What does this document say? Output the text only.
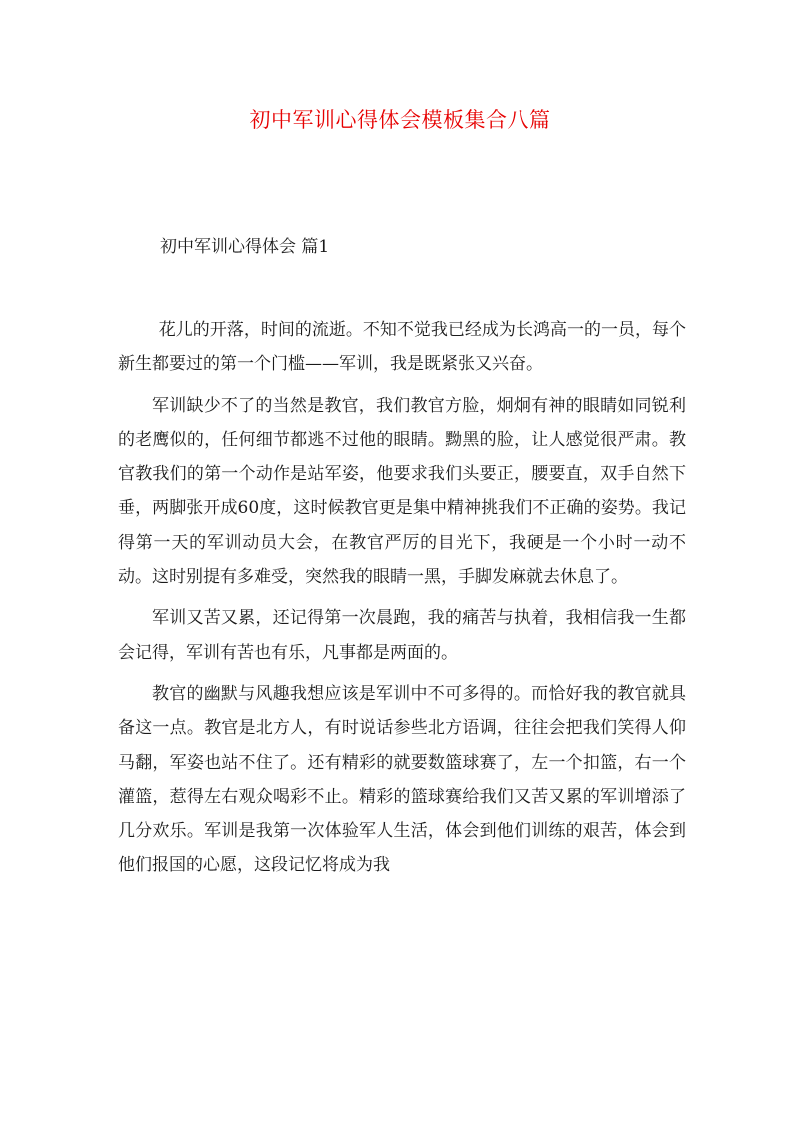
初中军训心得体会模板集合八篇
初中军训心得体会 篇1

花儿的开落，时间的流逝。不知不觉我已经成为长鸿高一的一员，每个新生都要过的第一个门槛——军训，我是既紧张又兴奋。

军训缺少不了的当然是教官，我们教官方脸，炯炯有神的眼睛如同锐利的老鹰似的，任何细节都逃不过他的眼睛。黝黑的脸，让人感觉很严肃。教官教我们的第一个动作是站军姿，他要求我们头要正，腰要直，双手自然下垂，两脚张开成60度，这时候教官更是集中精神挑我们不正确的姿势。我记得第一天的军训动员大会，在教官严厉的目光下，我硬是一个小时一动不动。这时别提有多难受，突然我的眼睛一黑，手脚发麻就去休息了。

军训又苦又累，还记得第一次晨跑，我的痛苦与执着，我相信我一生都会记得，军训有苦也有乐，凡事都是两面的。

教官的幽默与风趣我想应该是军训中不可多得的。而恰好我的教官就具备这一点。教官是北方人，有时说话参些北方语调，往往会把我们笑得人仰马翻，军姿也站不住了。还有精彩的就要数篮球赛了，左一个扣篮，右一个灌篮，惹得左右观众喝彩不止。精彩的篮球赛给我们又苦又累的军训增添了几分欢乐。军训是我第一次体验军人生活，体会到他们训练的艰苦，体会到他们报国的心愿，这段记忆将成为我
